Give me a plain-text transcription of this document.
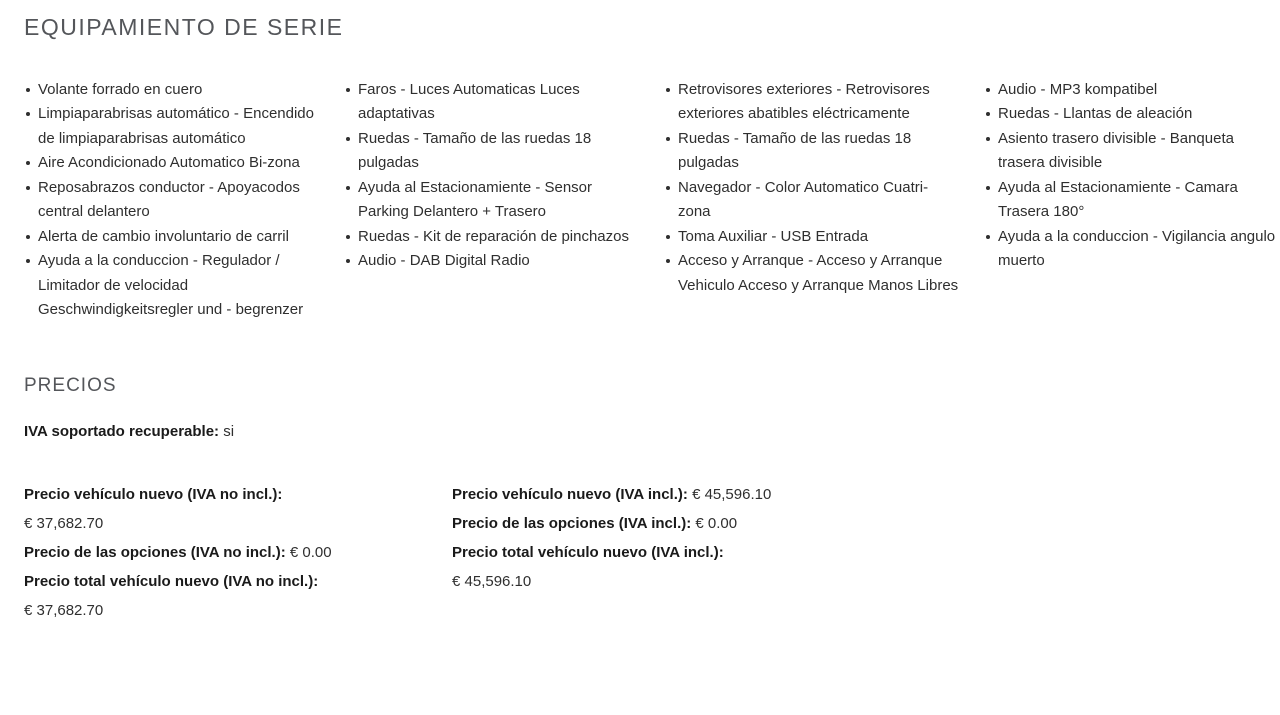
EQUIPAMIENTO DE SERIE
Volante forrado en cuero
Limpiaparabrisas automático - Encendido de limpiaparabrisas automático
Aire Acondicionado Automatico Bi-zona
Reposabrazos conductor - Apoyacodos central delantero
Alerta de cambio involuntario de carril
Ayuda a la conduccion - Regulador / Limitador de velocidad Geschwindigkeitsregler und - begrenzer
Faros - Luces Automaticas Luces adaptativas
Ruedas - Tamaño de las ruedas 18 pulgadas
Ayuda al Estacionamiente - Sensor Parking Delantero + Trasero
Ruedas - Kit de reparación de pinchazos
Audio - DAB Digital Radio
Retrovisores exteriores - Retrovisores exteriores abatibles eléctricamente
Ruedas - Tamaño de las ruedas 18 pulgadas
Navegador - Color Automatico Cuatri-zona
Toma Auxiliar - USB Entrada
Acceso y Arranque - Acceso y Arranque Vehiculo Acceso y Arranque Manos Libres
Audio - MP3 kompatibel
Ruedas - Llantas de aleación
Asiento trasero divisible - Banqueta trasera divisible
Ayuda al Estacionamiente - Camara Trasera 180°
Ayuda a la conduccion - Vigilancia angulo muerto
PRECIOS

IVA soportado recuperable: si

Precio vehículo nuevo (IVA no incl.):
€ 37,682.70

Precio de las opciones (IVA no incl.): € 0.00

Precio total vehículo nuevo (IVA no incl.):
€ 37,682.70

Precio vehículo nuevo (IVA incl.): € 45,596.10

Precio de las opciones (IVA incl.): € 0.00

Precio total vehículo nuevo (IVA incl.):
€ 45,596.10
